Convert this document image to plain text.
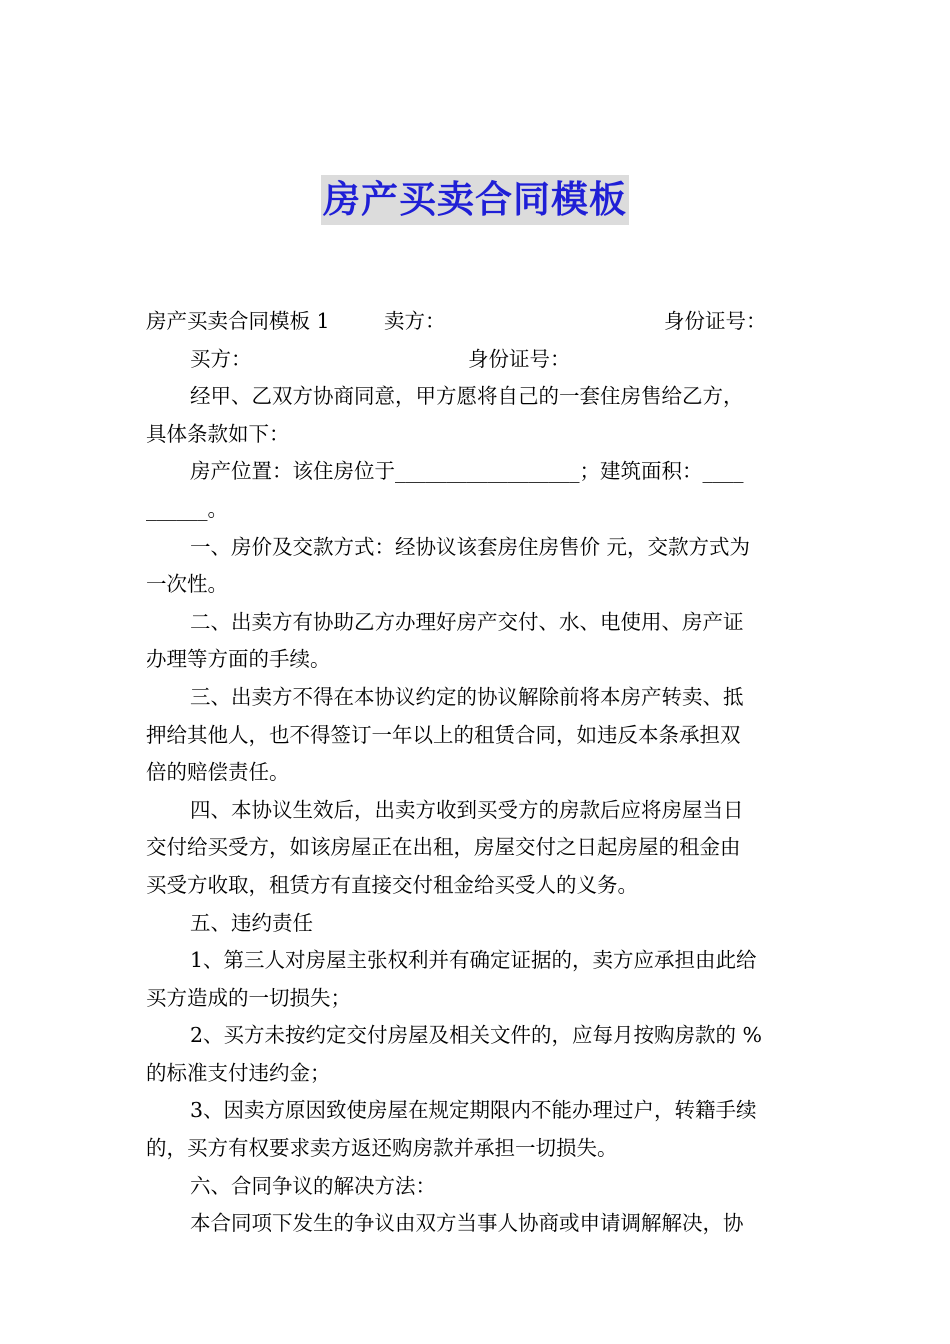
房产买卖合同模板
房产买卖合同模板 1	卖方：	身份证号：
买方：	身份证号：
经甲、乙双方协商同意，甲方愿将自己的一套住房售给乙方，
具体条款如下：
房产位置：该住房位于__________________；建筑面积：____
______。
一、房价及交款方式：经协议该套房住房售价 元，交款方式为
一次性。
二、出卖方有协助乙方办理好房产交付、水、电使用、房产证
办理等方面的手续。
三、出卖方不得在本协议约定的协议解除前将本房产转卖、抵
押给其他人，也不得签订一年以上的租赁合同，如违反本条承担双
倍的赔偿责任。
四、本协议生效后，出卖方收到买受方的房款后应将房屋当日
交付给买受方，如该房屋正在出租，房屋交付之日起房屋的租金由
买受方收取，租赁方有直接交付租金给买受人的义务。
五、违约责任
1、第三人对房屋主张权利并有确定证据的，卖方应承担由此给
买方造成的一切损失；
2、买方未按约定交付房屋及相关文件的，应每月按购房款的 %
的标准支付违约金；
3、因卖方原因致使房屋在规定期限内不能办理过户，转籍手续
的，买方有权要求卖方返还购房款并承担一切损失。
六、合同争议的解决方法：
本合同项下发生的争议由双方当事人协商或申请调解解决，协
